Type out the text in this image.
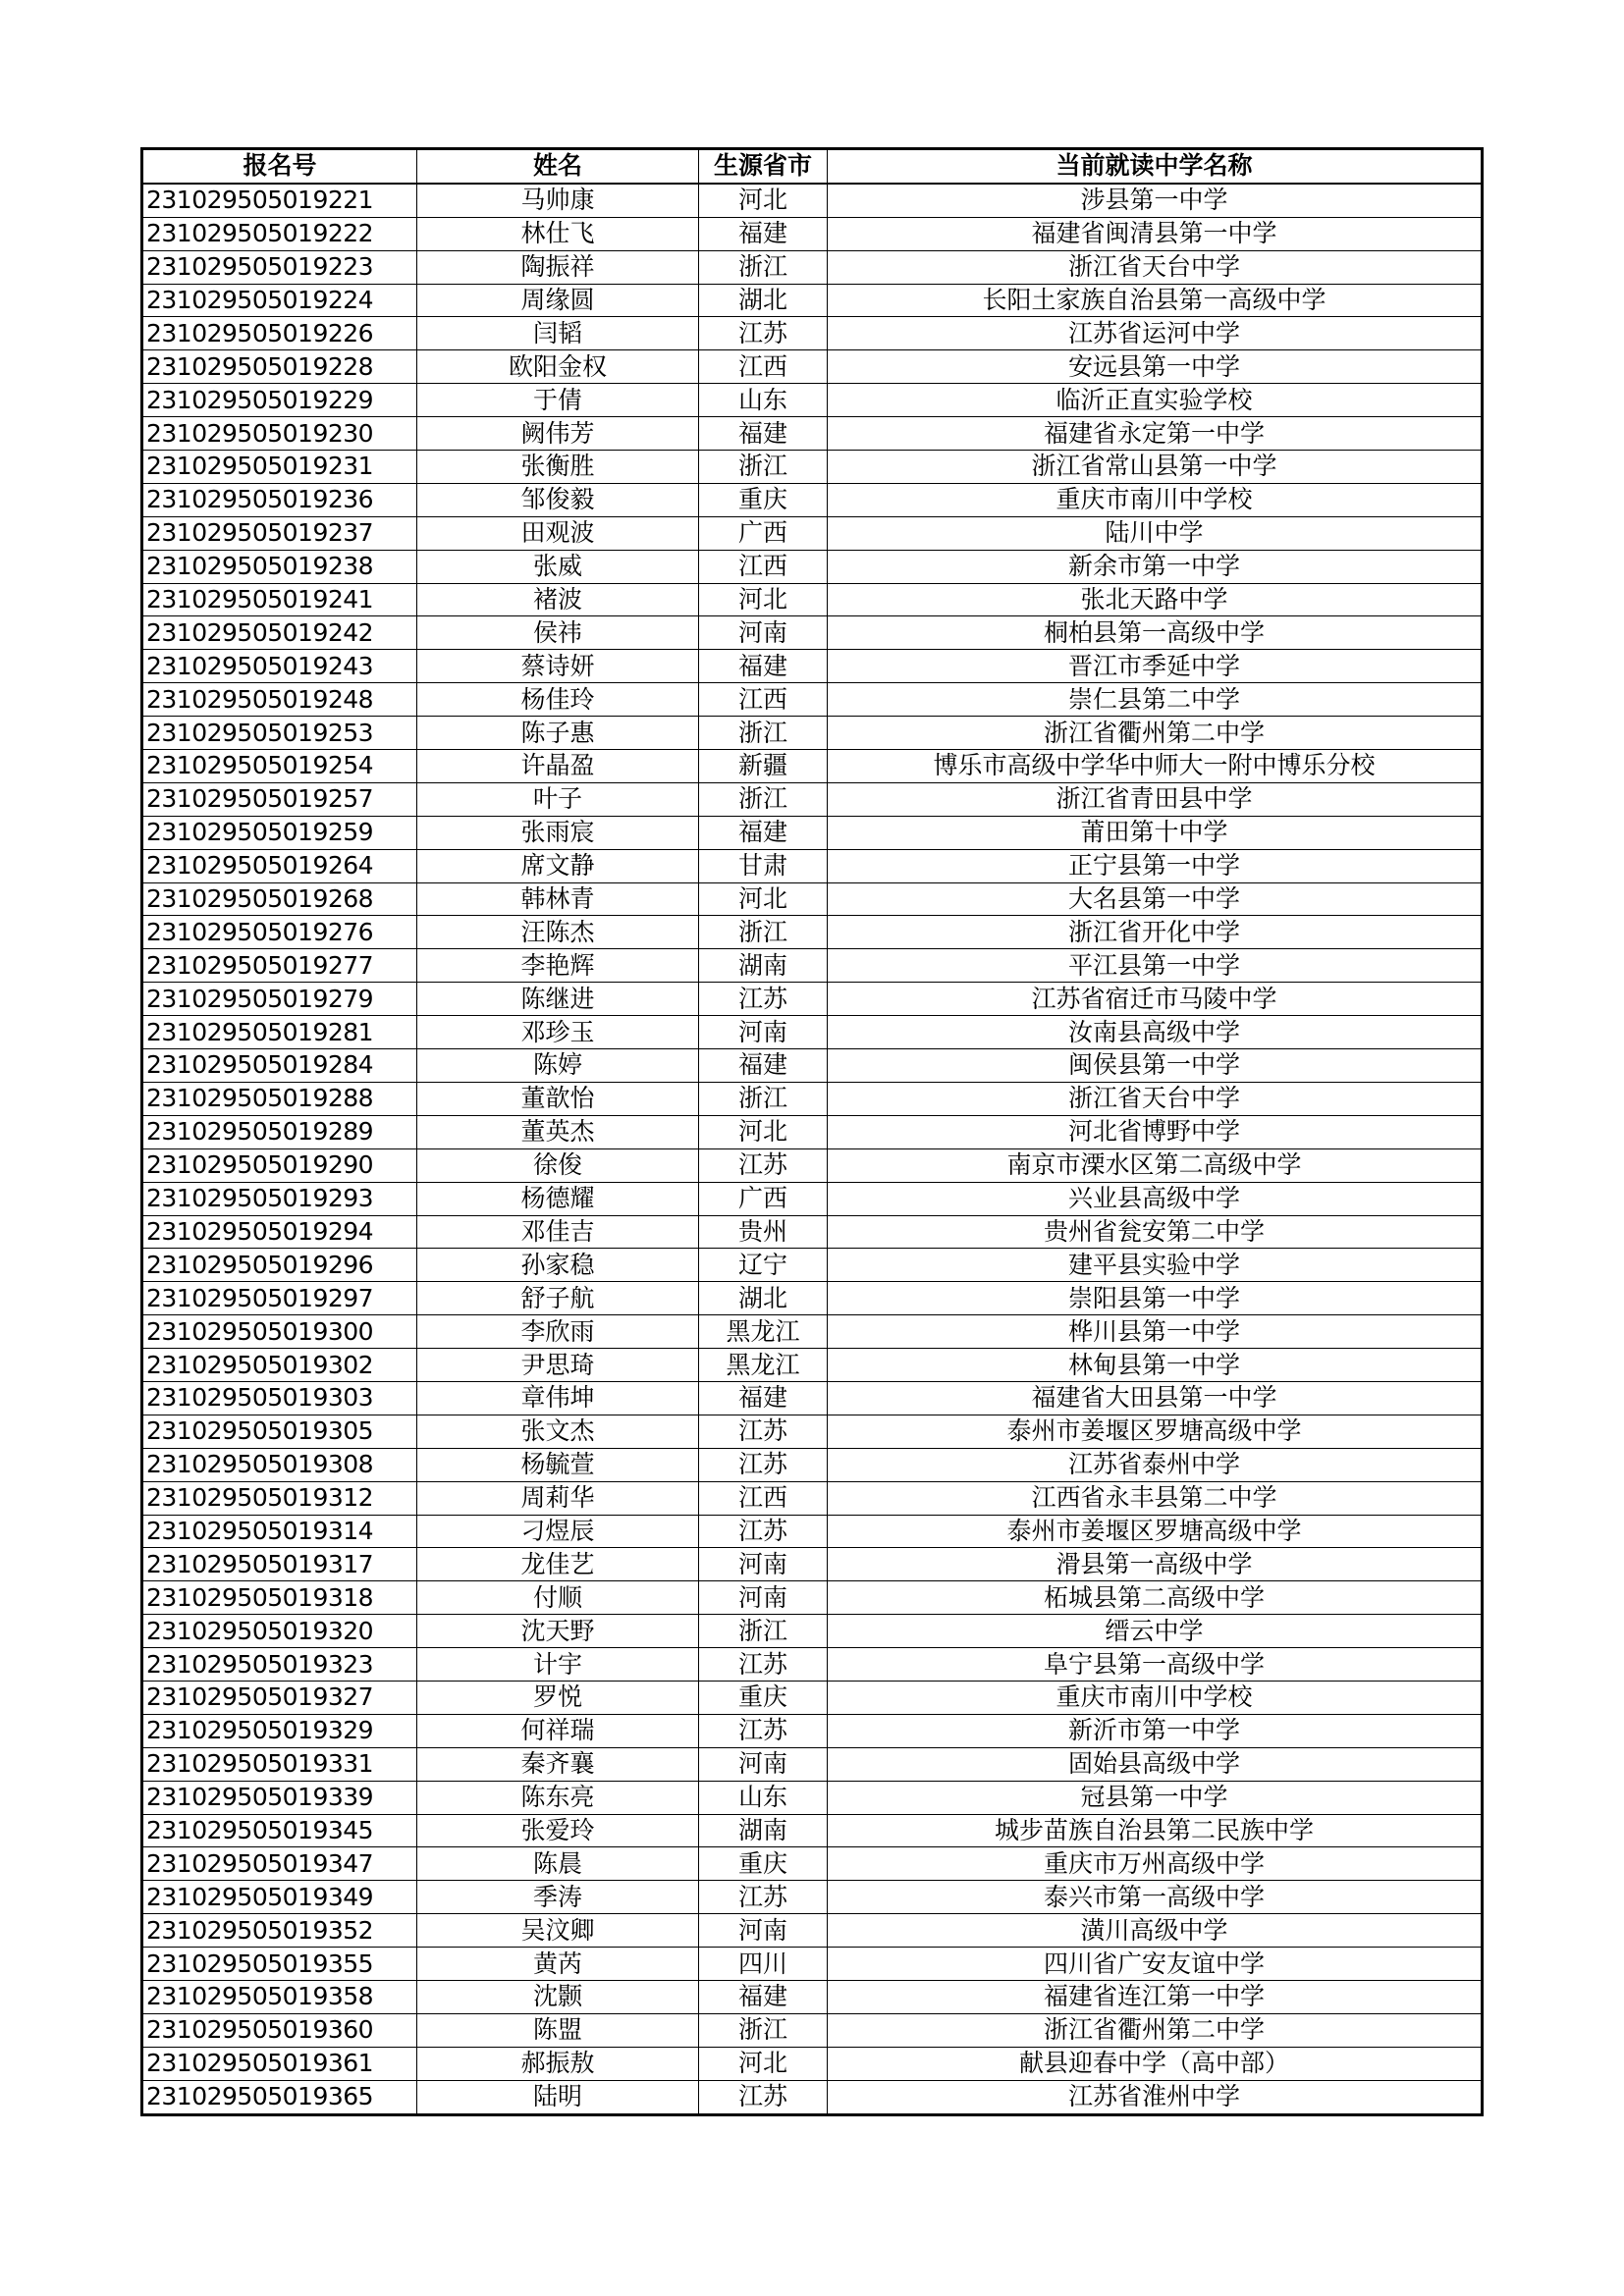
报名号	姓名	生源省市	当前就读中学名称
231029505019221	马帅康	河北	涉县第一中学
231029505019222	林仕飞	福建	福建省闽清县第一中学
231029505019223	陶振祥	浙江	浙江省天台中学
231029505019224	周缘圆	湖北	长阳土家族自治县第一高级中学
231029505019226	闫韬	江苏	江苏省运河中学
231029505019228	欧阳金权	江西	安远县第一中学
231029505019229	于倩	山东	临沂正直实验学校
231029505019230	阙伟芳	福建	福建省永定第一中学
231029505019231	张衡胜	浙江	浙江省常山县第一中学
231029505019236	邹俊毅	重庆	重庆市南川中学校
231029505019237	田观波	广西	陆川中学
231029505019238	张威	江西	新余市第一中学
231029505019241	褚波	河北	张北天路中学
231029505019242	侯祎	河南	桐柏县第一高级中学
231029505019243	蔡诗妍	福建	晋江市季延中学
231029505019248	杨佳玲	江西	崇仁县第二中学
231029505019253	陈子惠	浙江	浙江省衢州第二中学
231029505019254	许晶盈	新疆	博乐市高级中学华中师大一附中博乐分校
231029505019257	叶子	浙江	浙江省青田县中学
231029505019259	张雨宸	福建	莆田第十中学
231029505019264	席文静	甘肃	正宁县第一中学
231029505019268	韩林青	河北	大名县第一中学
231029505019276	汪陈杰	浙江	浙江省开化中学
231029505019277	李艳辉	湖南	平江县第一中学
231029505019279	陈继进	江苏	江苏省宿迁市马陵中学
231029505019281	邓珍玉	河南	汝南县高级中学
231029505019284	陈婷	福建	闽侯县第一中学
231029505019288	董歆怡	浙江	浙江省天台中学
231029505019289	董英杰	河北	河北省博野中学
231029505019290	徐俊	江苏	南京市溧水区第二高级中学
231029505019293	杨德耀	广西	兴业县高级中学
231029505019294	邓佳吉	贵州	贵州省瓮安第二中学
231029505019296	孙家稳	辽宁	建平县实验中学
231029505019297	舒子航	湖北	崇阳县第一中学
231029505019300	李欣雨	黑龙江	桦川县第一中学
231029505019302	尹思琦	黑龙江	林甸县第一中学
231029505019303	章伟坤	福建	福建省大田县第一中学
231029505019305	张文杰	江苏	泰州市姜堰区罗塘高级中学
231029505019308	杨毓萱	江苏	江苏省泰州中学
231029505019312	周莉华	江西	江西省永丰县第二中学
231029505019314	刁煜辰	江苏	泰州市姜堰区罗塘高级中学
231029505019317	龙佳艺	河南	滑县第一高级中学
231029505019318	付顺	河南	柘城县第二高级中学
231029505019320	沈天野	浙江	缙云中学
231029505019323	计宇	江苏	阜宁县第一高级中学
231029505019327	罗悦	重庆	重庆市南川中学校
231029505019329	何祥瑞	江苏	新沂市第一中学
231029505019331	秦齐襄	河南	固始县高级中学
231029505019339	陈东亮	山东	冠县第一中学
231029505019345	张爱玲	湖南	城步苗族自治县第二民族中学
231029505019347	陈晨	重庆	重庆市万州高级中学
231029505019349	季涛	江苏	泰兴市第一高级中学
231029505019352	吴汶卿	河南	潢川高级中学
231029505019355	黄芮	四川	四川省广安友谊中学
231029505019358	沈颢	福建	福建省连江第一中学
231029505019360	陈盟	浙江	浙江省衢州第二中学
231029505019361	郝振敖	河北	献县迎春中学（高中部）
231029505019365	陆明	江苏	江苏省淮州中学
